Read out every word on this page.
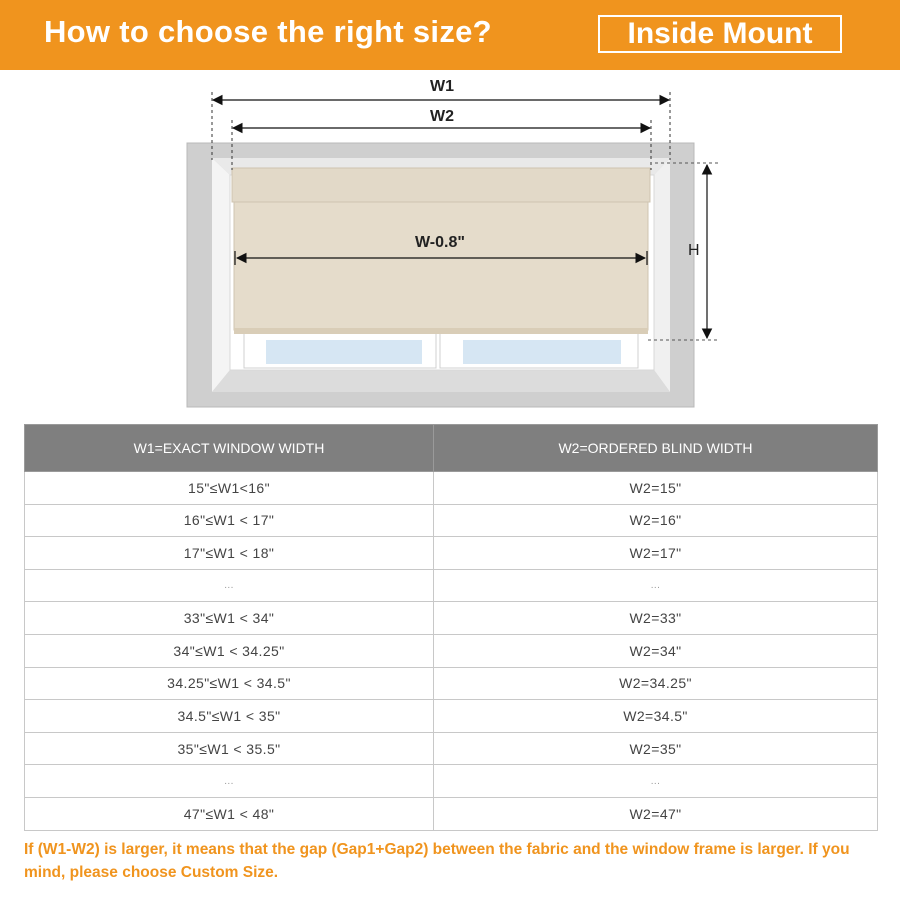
How to choose the right size?	Inside Mount
W1
W2
W-0.8"	H
W1=EXACT WINDOW WIDTH	W2=ORDERED BLIND WIDTH
15"≤W1<16"	W2=15"
16"≤W1 < 17"	W2=16"
17"≤W1 < 18"	W2=17"
...	...
33"≤W1 < 34"	W2=33"
34"≤W1 < 34.25"	W2=34"
34.25"≤W1 < 34.5"	W2=34.25"
34.5"≤W1 < 35"	W2=34.5"
35"≤W1 < 35.5"	W2=35"
...	...
47"≤W1 < 48"	W2=47"
If (W1-W2) is larger, it means that the gap (Gap1+Gap2) between the fabric and the window frame is larger. If you mind, please choose Custom Size.
